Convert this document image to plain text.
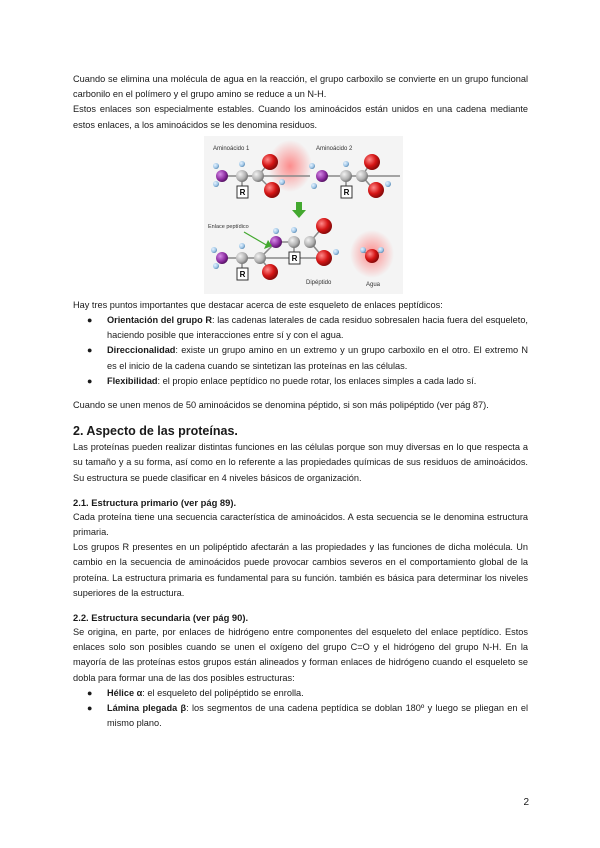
Cuando se elimina una molécula de agua en la reacción, el grupo carboxilo se convierte en un grupo funcional carbonilo en el polímero y el grupo amino se reduce a un N-H.

Estos enlaces son especialmente estables. Cuando los aminoácidos están unidos en una cadena mediante estos enlaces, a los aminoácidos se les denomina residuos.

R	R
Aminoácido 1	Aminoácido 2
R
R
Enlace peptídico
Dipéptido	Agua

Hay tres puntos importantes que destacar acerca de este esqueleto de enlaces peptídicos:

● Orientación del grupo R: las cadenas laterales de cada residuo sobresalen hacia fuera del esqueleto, haciendo posible que interacciones entre sí y con el agua.
● Direccionalidad: existe un grupo amino en un extremo y un grupo carboxilo en el otro. El extremo N es el inicio de la cadena cuando se sintetizan las proteínas en las células.
● Flexibilidad: el propio enlace peptídico no puede rotar, los enlaces simples a cada lado sí.

Cuando se unen menos de 50 aminoácidos se denomina péptido, si son más polipéptido (ver pág 87).

2. Aspecto de las proteínas.

Las proteínas pueden realizar distintas funciones en las células porque son muy diversas en lo que respecta a su tamaño y a su forma, así como en lo referente a las propiedades químicas de sus residuos de aminoácidos. Su estructura se puede clasificar en 4 niveles básicos de organización.

2.1. Estructura primario (ver pág 89).

Cada proteína tiene una secuencia característica de aminoácidos. A esta secuencia se le denomina estructura primaria.

Los grupos R presentes en un polipéptido afectarán a las propiedades y las funciones de dicha molécula. Un cambio en la secuencia de aminoácidos puede provocar cambios severos en el comportamiento global de la proteína. La estructura primaria es fundamental para su función. también es básica para determinar los niveles superiores de la estructura.

2.2. Estructura secundaria (ver pág 90).

Se origina, en parte, por enlaces de hidrógeno entre componentes del esqueleto del enlace peptídico. Estos enlaces solo son posibles cuando se unen el oxígeno del grupo C=O y el hidrógeno del grupo N-H. En la mayoría de las proteínas estos grupos están alineados y forman enlaces de hidrógeno cuando el esqueleto se dobla para formar una de las dos posibles estructuras:

● Hélice α: el esqueleto del polipéptido se enrolla.
● Lámina plegada β: los segmentos de una cadena peptídica se doblan 180º y luego se pliegan en el mismo plano.
2
